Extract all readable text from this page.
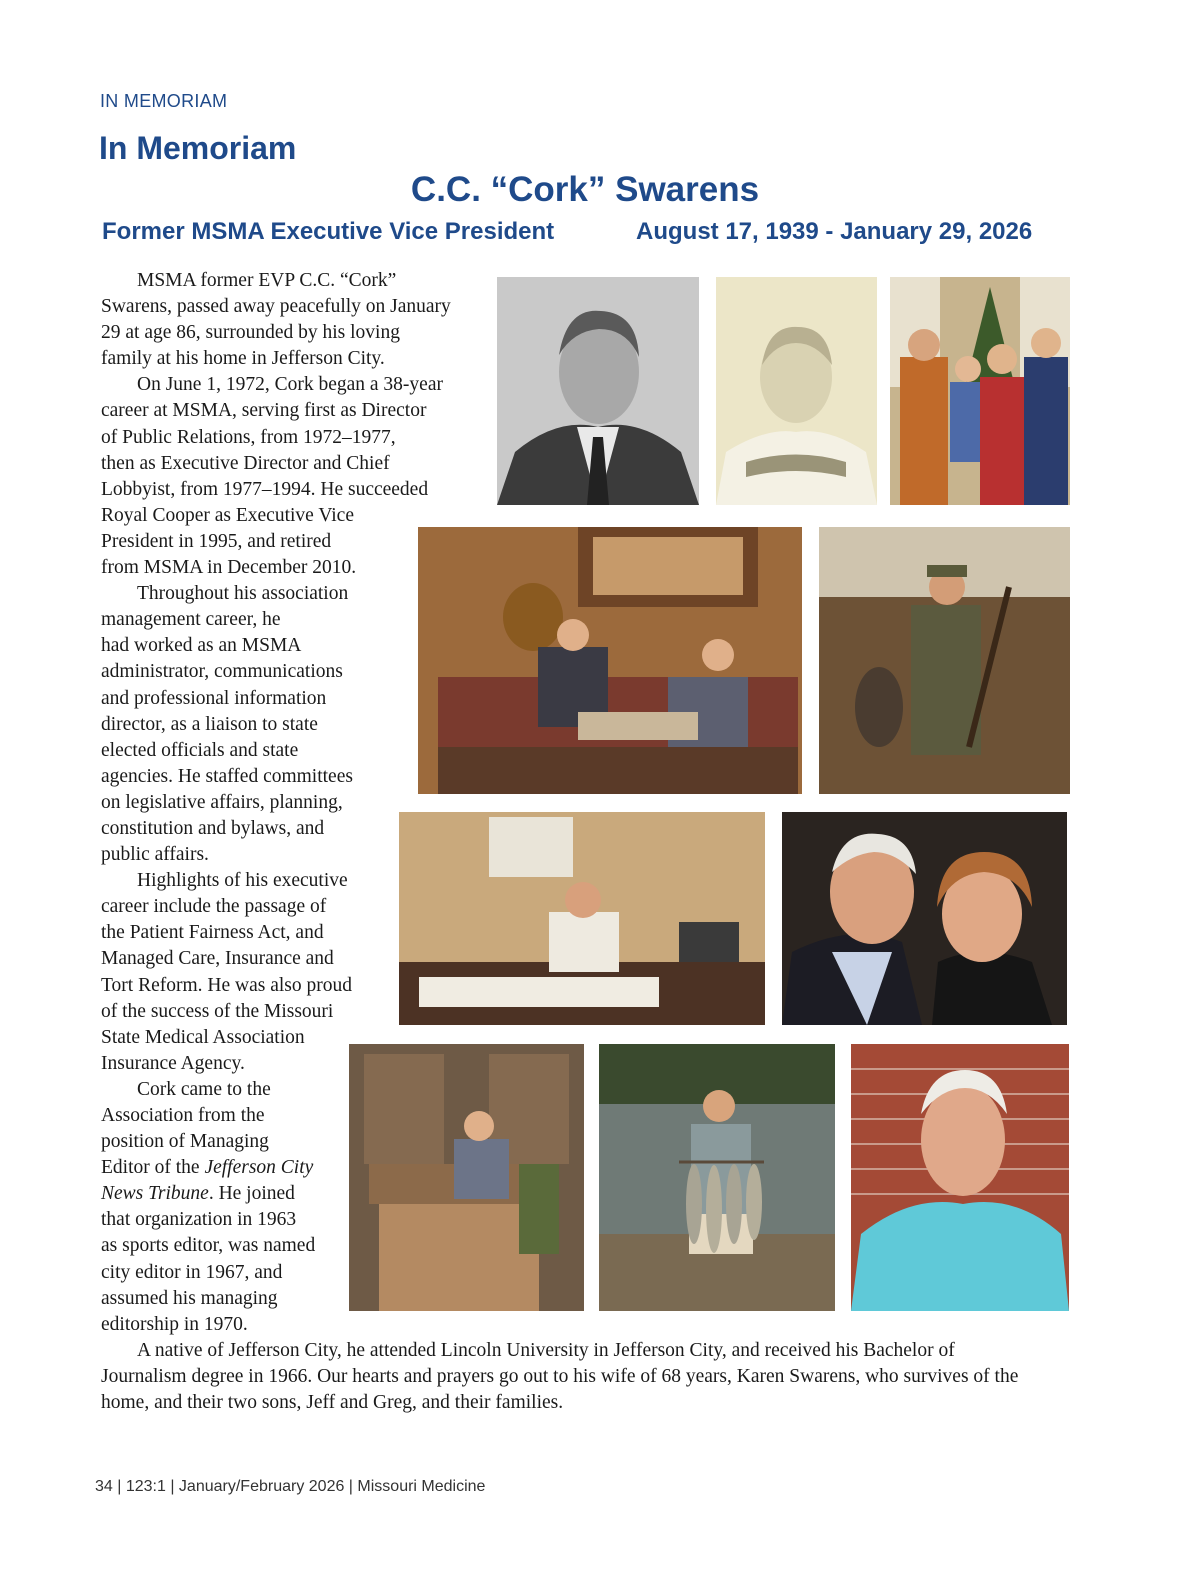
IN MEMORIAM
In Memoriam
C.C. “Cork” Swarens
Former MSMA Executive Vice President	August 17, 1939 - January 29, 2026
MSMA former EVP C.C. “Cork”
Swarens, passed away peacefully on January
29 at age 86, surrounded by his loving
family at his home in Jefferson City.
On June 1, 1972, Cork began a 38-year
career at MSMA, serving first as Director
of Public Relations, from 1972–1977,
then as Executive Director and Chief
Lobbyist, from 1977–1994. He succeeded
Royal Cooper as Executive Vice
President in 1995, and retired
from MSMA in December 2010.
Throughout his association
management career, he
had worked as an MSMA
administrator, communications
and professional information
director, as a liaison to state
elected officials and state
agencies. He staffed committees
on legislative affairs, planning,
constitution and bylaws, and
public affairs.
Highlights of his executive
career include the passage of
the Patient Fairness Act, and
Managed Care, Insurance and
Tort Reform. He was also proud
of the success of the Missouri
State Medical Association
Insurance Agency.
Cork came to the
Association from the
position of Managing
Editor of the Jefferson City
News Tribune. He joined
that organization in 1963
as sports editor, was named
city editor in 1967, and
assumed his managing
editorship in 1970.
A native of Jefferson City, he attended Lincoln University in Jefferson City, and received his Bachelor of
Journalism degree in 1966. Our hearts and prayers go out to his wife of 68 years, Karen Swarens, who survives of the
home, and their two sons, Jeff and Greg, and their families.
34 | 123:1 | January/February 2026 | Missouri Medicine
